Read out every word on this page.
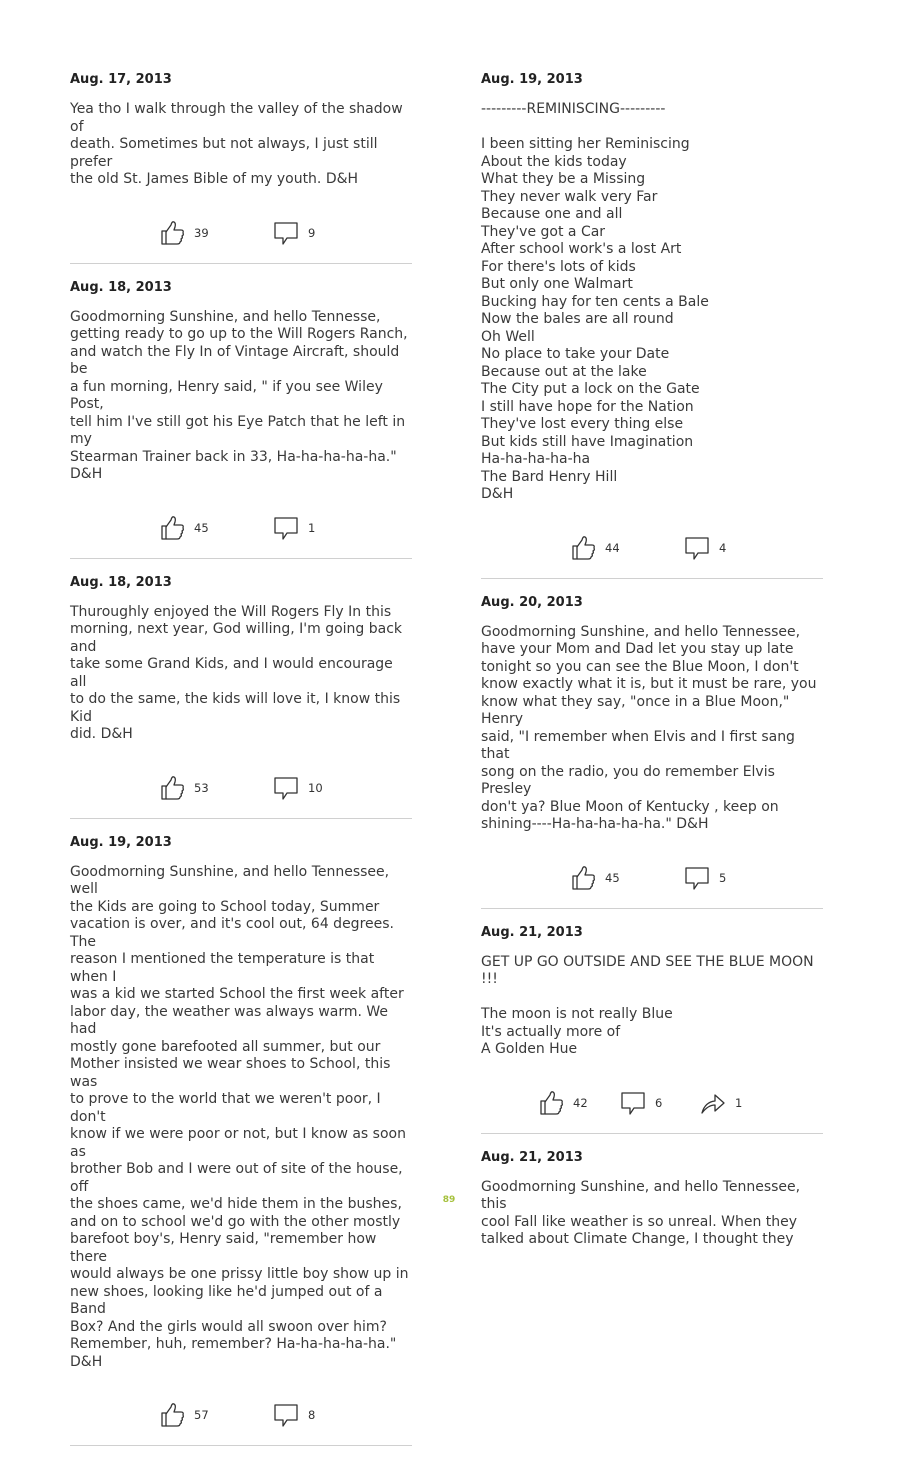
Aug. 17, 2013

Yea tho I walk through the valley of the shadow of
death. Sometimes but not always, I just still prefer
the old St. James Bible of my youth. D&H

39	9
Aug. 18, 2013

Goodmorning Sunshine, and hello Tennesse,
getting ready to go up to the Will Rogers Ranch,
and watch the Fly In of Vintage Aircraft, should be
a fun morning, Henry said, " if you see Wiley Post,
tell him I've still got his Eye Patch that he left in my
Stearman Trainer back in 33, Ha-ha-ha-ha-ha."
D&H

45	1
Aug. 18, 2013

Thuroughly enjoyed the Will Rogers Fly In this
morning, next year, God willing, I'm going back and
take some Grand Kids, and I would encourage all
to do the same, the kids will love it, I know this Kid
did. D&H

53	10
Aug. 19, 2013

Goodmorning Sunshine, and hello Tennessee, well
the Kids are going to School today, Summer
vacation is over, and it's cool out, 64 degrees. The
reason I mentioned the temperature is that when I
was a kid we started School the first week after
labor day, the weather was always warm. We had
mostly gone barefooted all summer, but our
Mother insisted we wear shoes to School, this was
to prove to the world that we weren't poor, I don't
know if we were poor or not, but I know as soon as
brother Bob and I were out of site of the house, off
the shoes came, we'd hide them in the bushes,
and on to school we'd go with the other mostly
barefoot boy's, Henry said, "remember how there
would always be one prissy little boy show up in
new shoes, looking like he'd jumped out of a Band
Box? And the girls would all swoon over him?
Remember, huh, remember? Ha-ha-ha-ha-ha."
D&H

57	8
Aug. 19, 2013

---------REMINISCING---------

I been sitting her Reminiscing
About the kids today
What they be a Missing
They never walk very Far
Because one and all
They've got a Car
After school work's a lost Art
For there's lots of kids
But only one Walmart
Bucking hay for ten cents a Bale
Now the bales are all round
Oh Well
No place to take your Date
Because out at the lake
The City put a lock on the Gate
I still have hope for the Nation
They've lost every thing else
But kids still have Imagination
Ha-ha-ha-ha-ha
The Bard Henry Hill
D&H

44	4
Aug. 20, 2013

Goodmorning Sunshine, and hello Tennessee,
have your Mom and Dad let you stay up late
tonight so you can see the Blue Moon, I don't
know exactly what it is, but it must be rare, you
know what they say, "once in a Blue Moon," Henry
said, "I remember when Elvis and I first sang that
song on the radio, you do remember Elvis Presley
don't ya? Blue Moon of Kentucky , keep on
shining----Ha-ha-ha-ha-ha." D&H

45	5
Aug. 21, 2013

GET UP GO OUTSIDE AND SEE THE BLUE MOON !!!

The moon is not really Blue
It's actually more of
A Golden Hue

42	6	1
Aug. 21, 2013

Goodmorning Sunshine, and hello Tennessee, this
cool Fall like weather is so unreal. When they
talked about Climate Change, I thought they

89
